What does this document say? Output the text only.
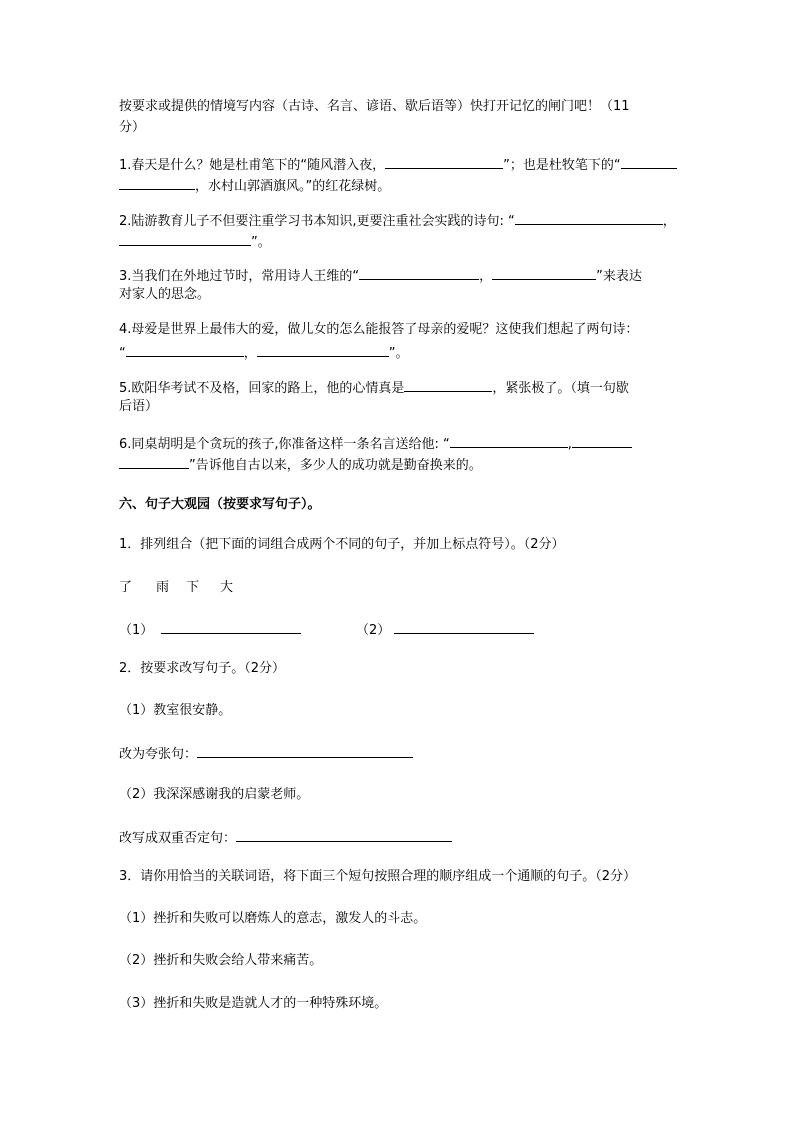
按要求或提供的情境写内容（古诗、名言、谚语、歇后语等）快打开记忆的闸门吧！（11
分）
1.春天是什么？她是杜甫笔下的“随风潜入夜，	”；也是杜牧笔下的“
，水村山郭酒旗风。”的红花绿树。
2.陆游教育儿子不但要注重学习书本知识,更要注重社会实践的诗句: “	，
”。
3.当我们在外地过节时，常用诗人王维的“	，	”来表达
对家人的思念。
4.母爱是世界上最伟大的爱，做儿女的怎么能报答了母亲的爱呢？这使我们想起了两句诗：
“	，	”。
5.欧阳华考试不及格，回家的路上，他的心情真是	，紧张极了。（填一句歇
后语）
6.同桌胡明是个贪玩的孩子,你准备这样一条名言送给他: “	,
”告诉他自古以来，多少人的成功就是勤奋换来的。
六、句子大观园（按要求写句子）。
1．排列组合（把下面的词组合成两个不同的句子，并加上标点符号）。（2分）
了 雨 下 大
（1）	（2）
2．按要求改写句子。（2分）
（1）教室很安静。
改为夸张句：
（2）我深深感谢我的启蒙老师。
改写成双重否定句：
3．请你用恰当的关联词语，将下面三个短句按照合理的顺序组成一个通顺的句子。（2分）
（1）挫折和失败可以磨炼人的意志，激发人的斗志。
（2）挫折和失败会给人带来痛苦。
（3）挫折和失败是造就人才的一种特殊环境。
